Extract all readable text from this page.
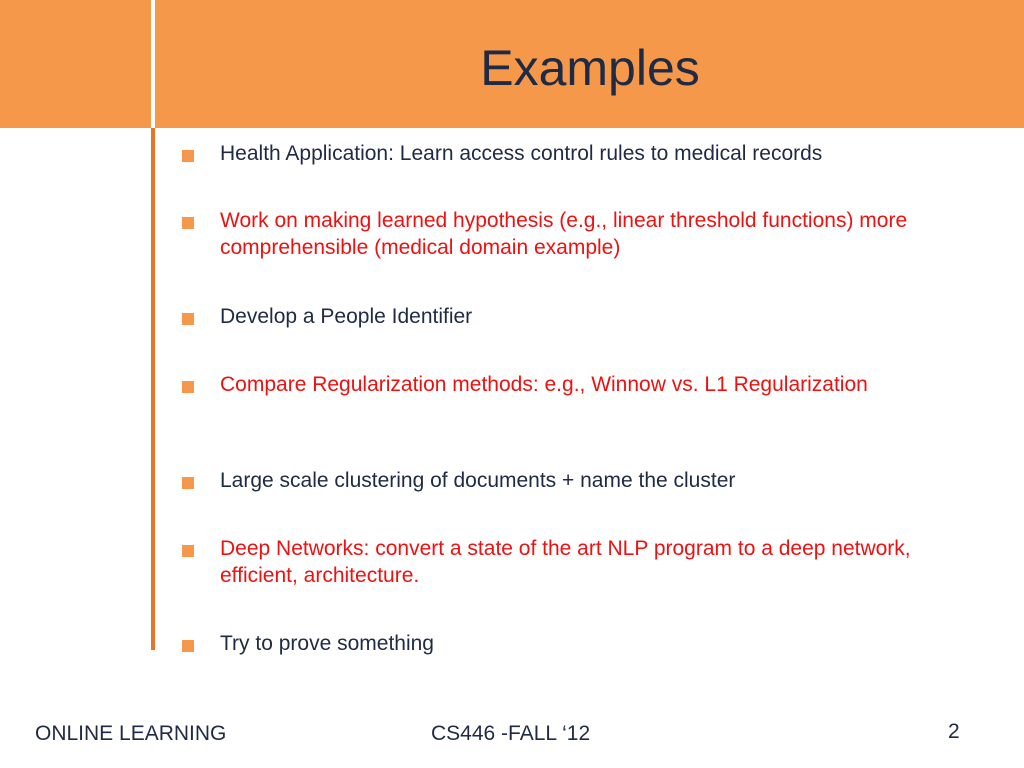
Examples
Health Application: Learn access control rules to medical records
Work on making learned hypothesis (e.g., linear threshold functions) more comprehensible (medical domain example)
Develop a People Identifier
Compare Regularization methods: e.g., Winnow vs. L1 Regularization
Large scale clustering of documents + name the cluster
Deep Networks: convert a state of the art NLP program to a deep network, efficient, architecture.
Try to prove something

ONLINE LEARNING	CS446 -FALL ‘12	2
